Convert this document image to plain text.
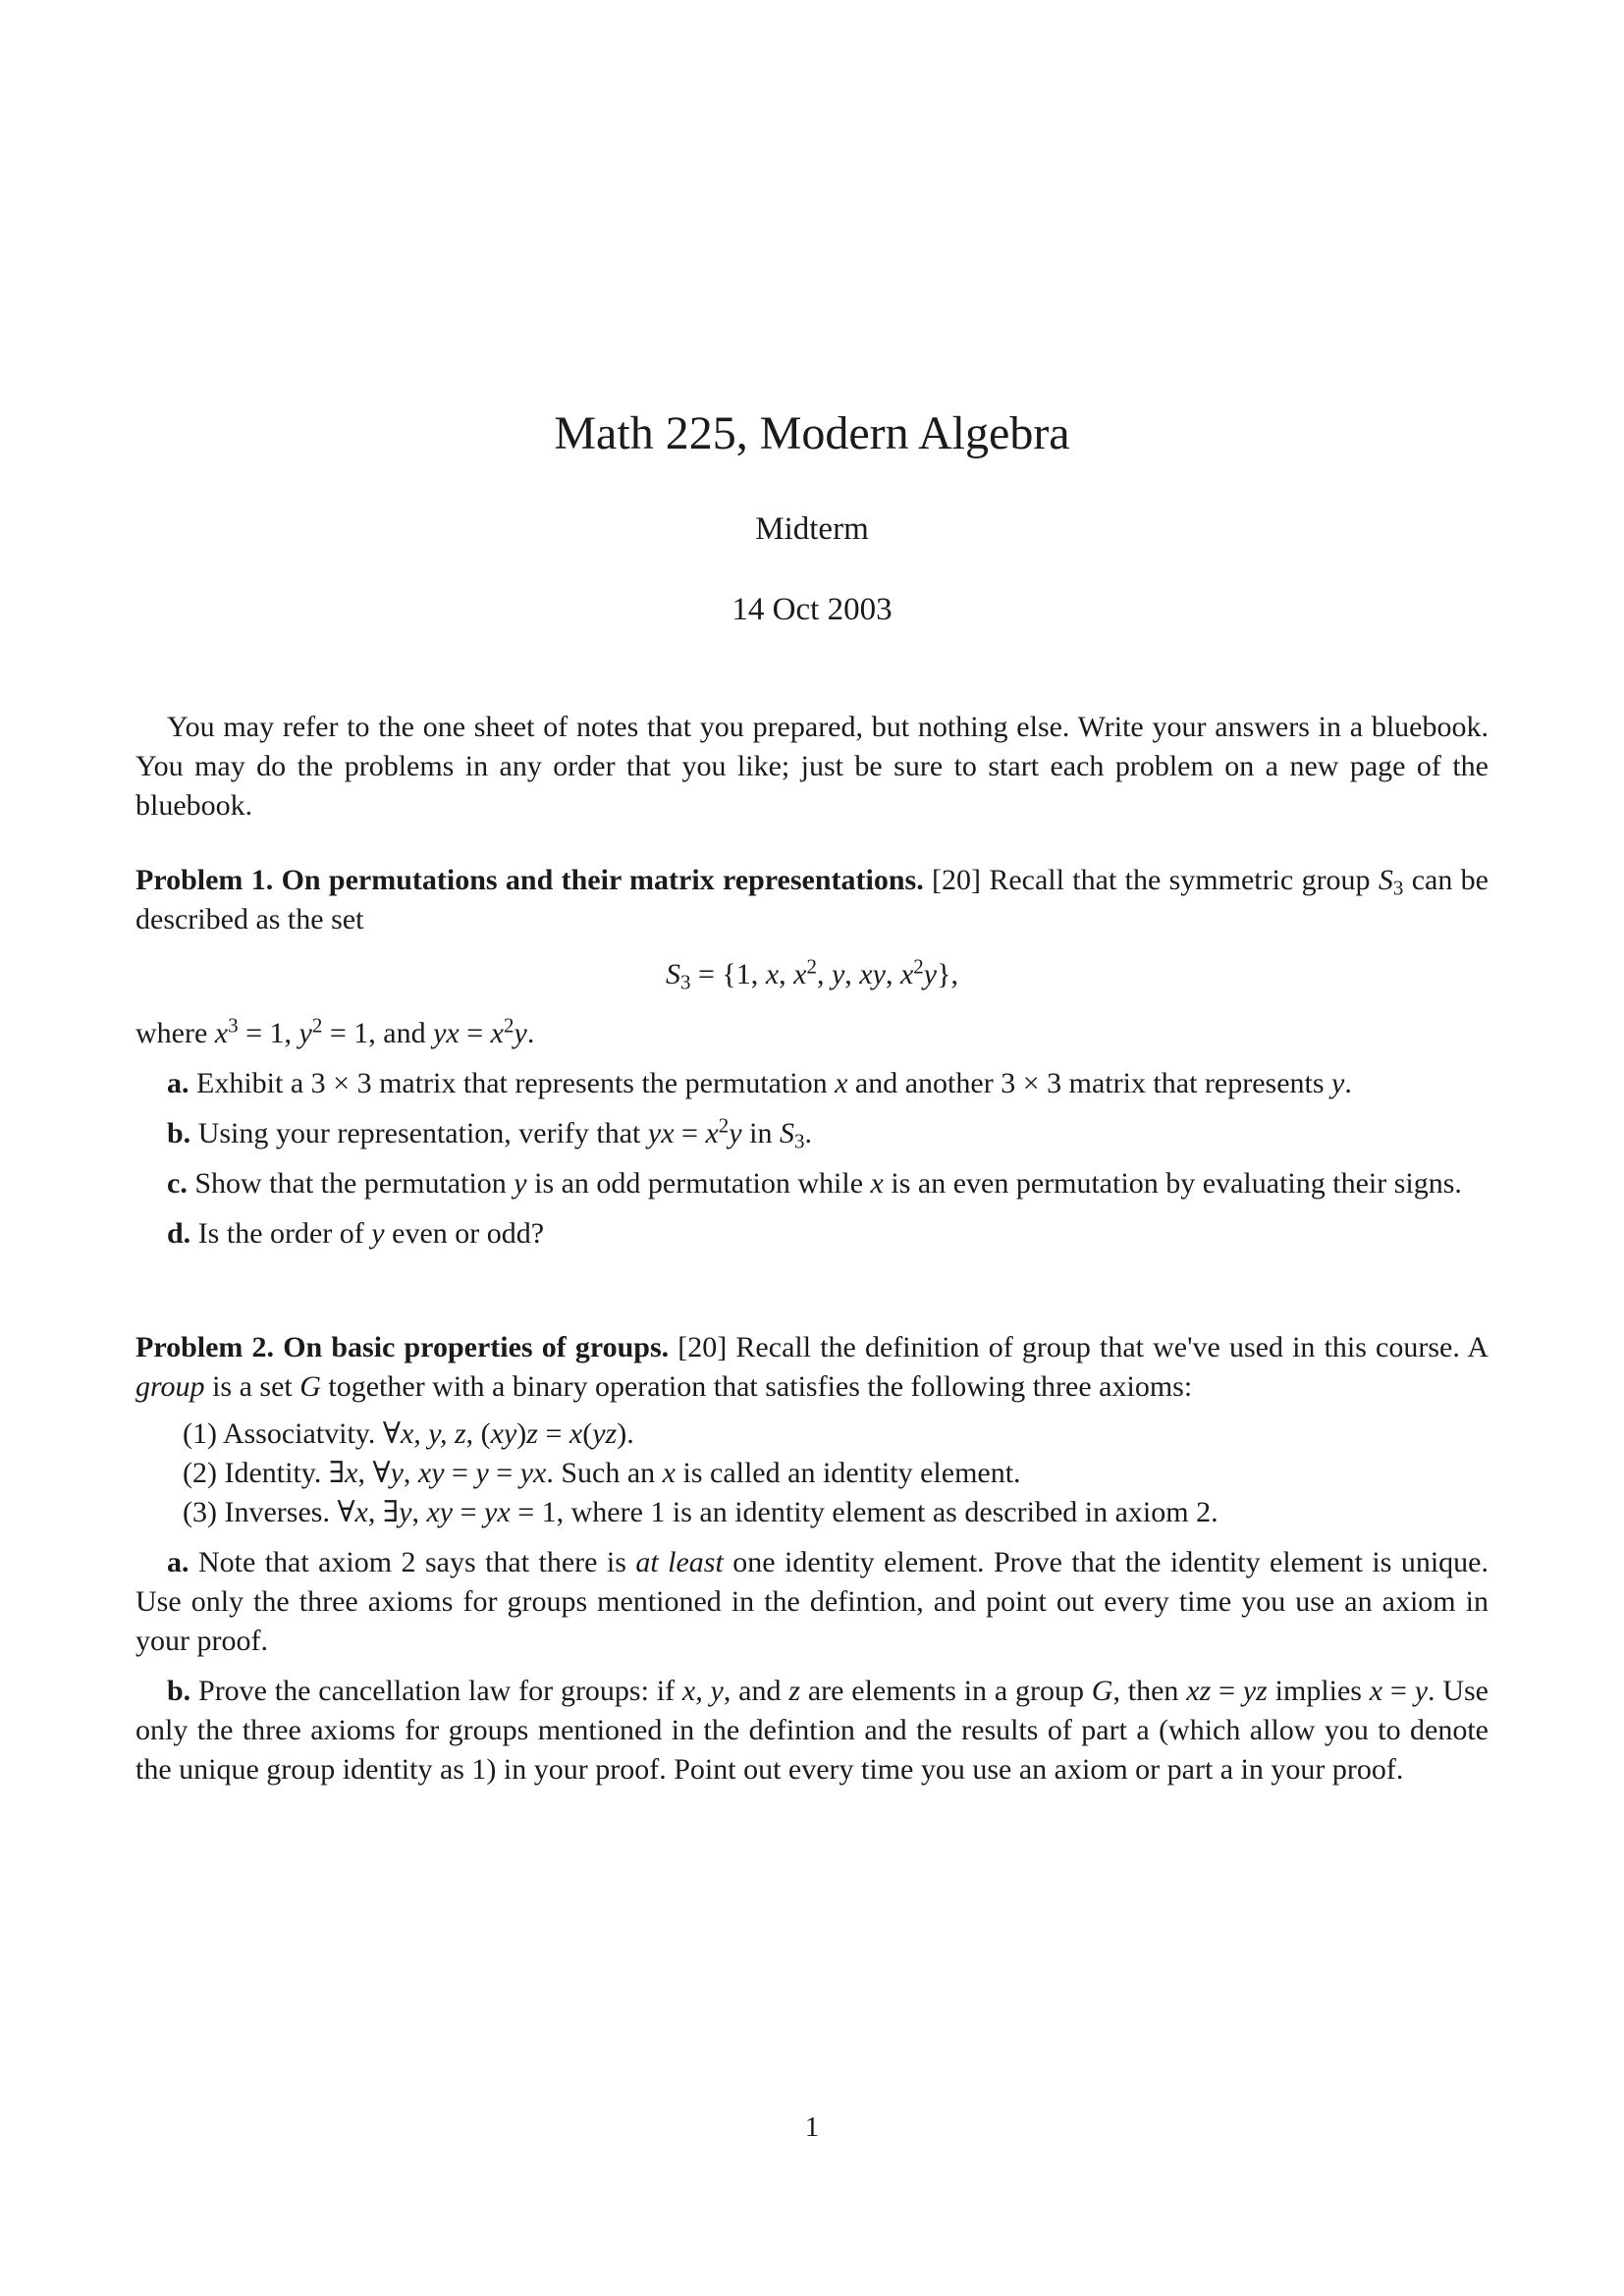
Math 225, Modern Algebra
Midterm
14 Oct 2003

You may refer to the one sheet of notes that you prepared, but nothing else. Write your answers in a bluebook. You may do the problems in any order that you like; just be sure to start each problem on a new page of the bluebook.

Problem 1. On permutations and their matrix representations. [20] Recall that the symmetric group S3 can be described as the set

S3 = {1, x, $x^2$, y, xy, $x^2y$},

where $x^3 = 1$, $y^2 = 1$, and yx = $x^2y$.

a. Exhibit a 3 × 3 matrix that represents the permutation x and another 3 × 3 matrix that represents y.

b. Using your representation, verify that yx = $x^2y$ in S3.

c. Show that the permutation y is an odd permutation while x is an even permutation by evaluating their signs.

d. Is the order of y even or odd?

Problem 2. On basic properties of groups. [20] Recall the definition of group that we've used in this course. A group is a set G together with a binary operation that satisfies the following three axioms:

(1) Associatvity. ∀x, y, z, (xy)z = x(yz).

(2) Identity. ∃x, ∀y, xy = y = yx. Such an x is called an identity element.

(3) Inverses. ∀x, ∃y, xy = yx = 1, where 1 is an identity element as described in axiom 2.

a. Note that axiom 2 says that there is at least one identity element. Prove that the identity element is unique. Use only the three axioms for groups mentioned in the defintion, and point out every time you use an axiom in your proof.

b. Prove the cancellation law for groups: if x, y, and z are elements in a group G, then xz = yz implies x = y. Use only the three axioms for groups mentioned in the defintion and the results of part a (which allow you to denote the unique group identity as 1) in your proof. Point out every time you use an axiom or part a in your proof.

1
